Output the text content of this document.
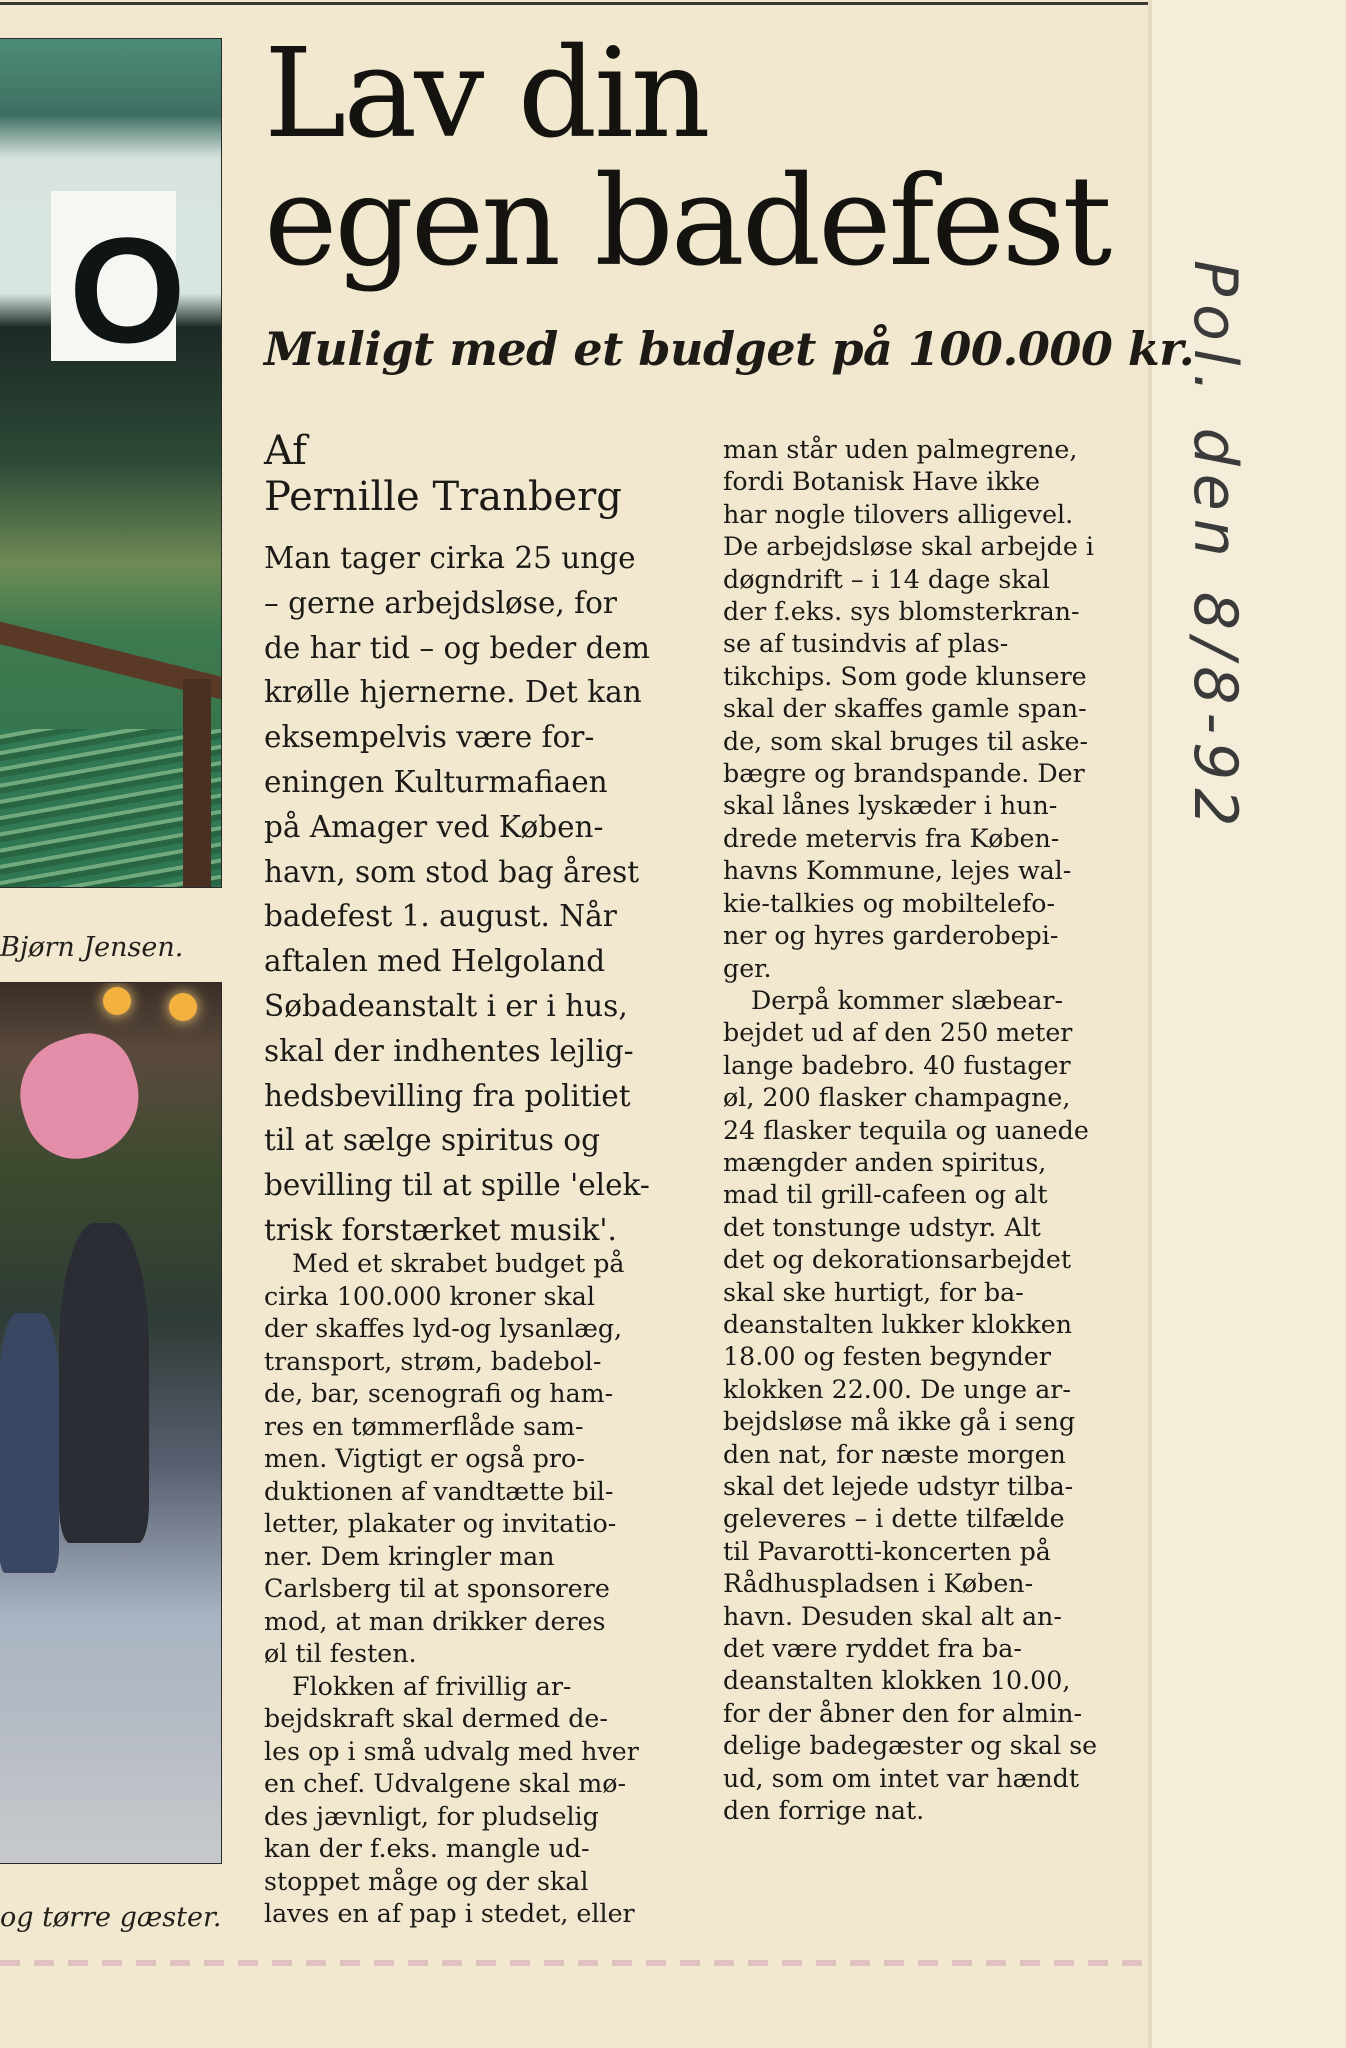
O
Bjørn Jensen.
og tørre gæster.
Lav din
egen badefest
Muligt med et budget på 100.000 kr.
Af
Pernille Tranberg

Man tager cirka 25 unge

– gerne arbejdsløse, for

de har tid – og beder dem

krølle hjernerne. Det kan

eksempelvis være for-

eningen Kulturmafiaen

på Amager ved Køben-

havn, som stod bag årest

badefest 1. august. Når

aftalen med Helgoland

Søbadeanstalt i er i hus,

skal der indhentes lejlig-

hedsbevilling fra politiet

til at sælge spiritus og

bevilling til at spille 'elek-

trisk forstærket musik'.

Med et skrabet budget på

cirka 100.000 kroner skal

der skaffes lyd-og lysanlæg,

transport, strøm, badebol-

de, bar, scenografi og ham-

res en tømmerflåde sam-

men. Vigtigt er også pro-

duktionen af vandtætte bil-

letter, plakater og invitatio-

ner. Dem kringler man

Carlsberg til at sponsorere

mod, at man drikker deres

øl til festen.

Flokken af frivillig ar-

bejdskraft skal dermed de-

les op i små udvalg med hver

en chef. Udvalgene skal mø-

des jævnligt, for pludselig

kan der f.eks. mangle ud-

stoppet måge og der skal

laves en af pap i stedet, eller

man står uden palmegrene,

fordi Botanisk Have ikke

har nogle tilovers alligevel.

De arbejdsløse skal arbejde i

døgndrift – i 14 dage skal

der f.eks. sys blomsterkran-

se af tusindvis af plas-

tikchips. Som gode klunsere

skal der skaffes gamle span-

de, som skal bruges til aske-

bægre og brandspande. Der

skal lånes lyskæder i hun-

drede metervis fra Køben-

havns Kommune, lejes wal-

kie-talkies og mobiltelefo-

ner og hyres garderobepi-

ger.

Derpå kommer slæbear-

bejdet ud af den 250 meter

lange badebro. 40 fustager

øl, 200 flasker champagne,

24 flasker tequila og uanede

mængder anden spiritus,

mad til grill-cafeen og alt

det tonstunge udstyr. Alt

det og dekorationsarbejdet

skal ske hurtigt, for ba-

deanstalten lukker klokken

18.00 og festen begynder

klokken 22.00. De unge ar-

bejdsløse må ikke gå i seng

den nat, for næste morgen

skal det lejede udstyr tilba-

geleveres – i dette tilfælde

til Pavarotti-koncerten på

Rådhuspladsen i Køben-

havn. Desuden skal alt an-

det være ryddet fra ba-

deanstalten klokken 10.00,

for der åbner den for almin-

delige badegæster og skal se

ud, som om intet var hændt

den forrige nat.

Pol. den 8/8-92
